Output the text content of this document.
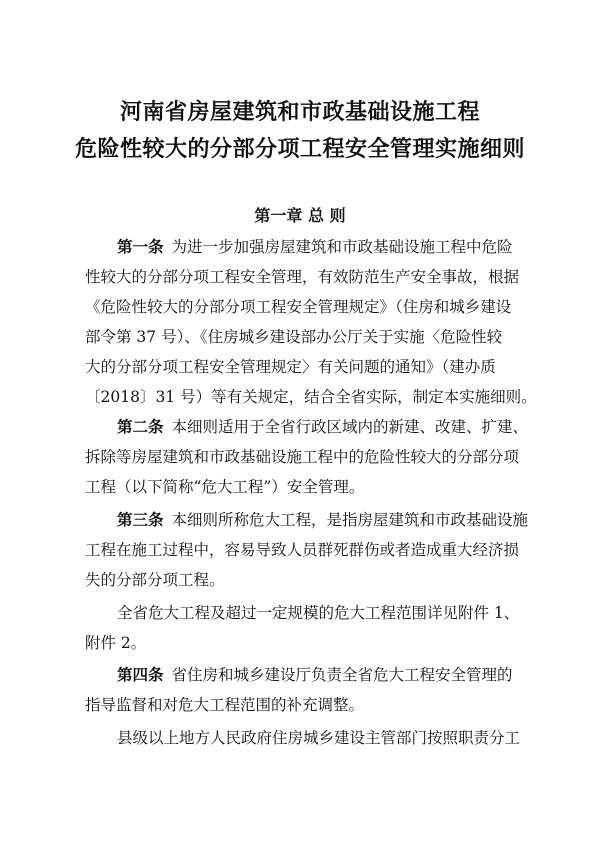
河南省房屋建筑和市政基础设施工程
危险性较大的分部分项工程安全管理实施细则
第一章 总 则
第一条 为进一步加强房屋建筑和市政基础设施工程中危险
性较大的分部分项工程安全管理，有效防范生产安全事故，根据
《危险性较大的分部分项工程安全管理规定》（住房和城乡建设
部令第 37 号）、《住房城乡建设部办公厅关于实施〈危险性较
大的分部分项工程安全管理规定〉有关问题的通知》（建办质
〔2018〕31 号）等有关规定，结合全省实际，制定本实施细则。
第二条 本细则适用于全省行政区域内的新建、改建、扩建、
拆除等房屋建筑和市政基础设施工程中的危险性较大的分部分项
工程（以下简称“危大工程”）安全管理。
第三条 本细则所称危大工程，是指房屋建筑和市政基础设施
工程在施工过程中，容易导致人员群死群伤或者造成重大经济损
失的分部分项工程。
全省危大工程及超过一定规模的危大工程范围详见附件 1、
附件 2。
第四条 省住房和城乡建设厅负责全省危大工程安全管理的
指导监督和对危大工程范围的补充调整。
县级以上地方人民政府住房城乡建设主管部门按照职责分工
